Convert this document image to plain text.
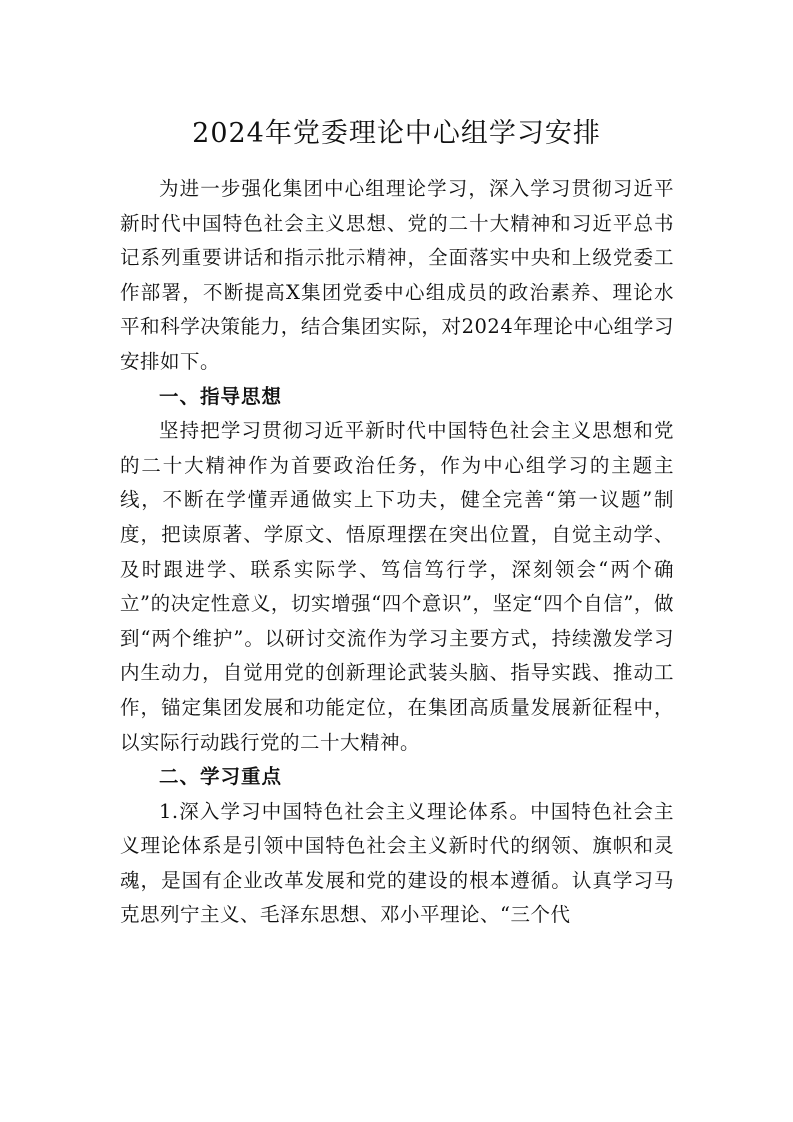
2024年党委理论中心组学习安排

为进一步强化集团中心组理论学习，深入学习贯彻习近平新时代中国特色社会主义思想、党的二十大精神和习近平总书记系列重要讲话和指示批示精神，全面落实中央和上级党委工作部署，不断提高X集团党委中心组成员的政治素养、理论水平和科学决策能力，结合集团实际，对2024年理论中心组学习安排如下。

一、指导思想

坚持把学习贯彻习近平新时代中国特色社会主义思想和党的二十大精神作为首要政治任务，作为中心组学习的主题主线，不断在学懂弄通做实上下功夫，健全完善“第一议题”制度，把读原著、学原文、悟原理摆在突出位置，自觉主动学、及时跟进学、联系实际学、笃信笃行学，深刻领会“两个确立”的决定性意义，切实增强“四个意识”，坚定“四个自信”，做到“两个维护”。以研讨交流作为学习主要方式，持续激发学习内生动力，自觉用党的创新理论武装头脑、指导实践、推动工作，锚定集团发展和功能定位，在集团高质量发展新征程中，以实际行动践行党的二十大精神。

二、学习重点

1.深入学习中国特色社会主义理论体系。中国特色社会主义理论体系是引领中国特色社会主义新时代的纲领、旗帜和灵魂，是国有企业改革发展和党的建设的根本遵循。认真学习马克思列宁主义、毛泽东思想、邓小平理论、“三个代
